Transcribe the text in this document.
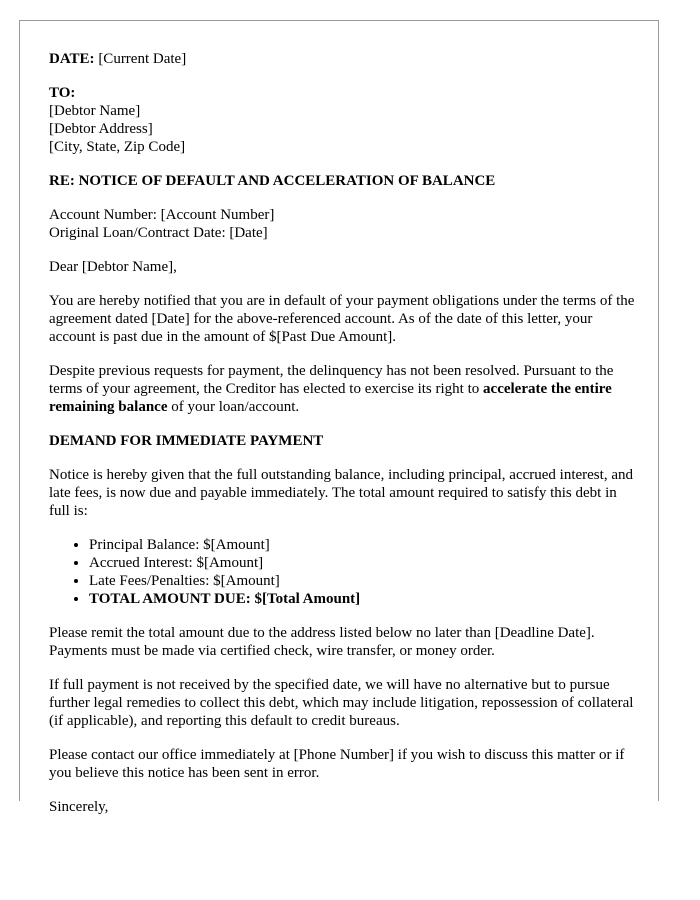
DATE: [Current Date]

TO:
[Debtor Name]
[Debtor Address]
[City, State, Zip Code]

RE: NOTICE OF DEFAULT AND ACCELERATION OF BALANCE

Account Number: [Account Number]
Original Loan/Contract Date: [Date]

Dear [Debtor Name],

You are hereby notified that you are in default of your payment obligations under the terms of the agreement dated [Date] for the above-referenced account. As of the date of this letter, your account is past due in the amount of $[Past Due Amount].

Despite previous requests for payment, the delinquency has not been resolved. Pursuant to the terms of your agreement, the Creditor has elected to exercise its right to accelerate the entire remaining balance of your loan/account.

DEMAND FOR IMMEDIATE PAYMENT

Notice is hereby given that the full outstanding balance, including principal, accrued interest, and late fees, is now due and payable immediately. The total amount required to satisfy this debt in full is:

• Principal Balance: $[Amount]
• Accrued Interest: $[Amount]
• Late Fees/Penalties: $[Amount]
• TOTAL AMOUNT DUE: $[Total Amount]

Please remit the total amount due to the address listed below no later than [Deadline Date]. Payments must be made via certified check, wire transfer, or money order.

If full payment is not received by the specified date, we will have no alternative but to pursue further legal remedies to collect this debt, which may include litigation, repossession of collateral (if applicable), and reporting this default to credit bureaus.

Please contact our office immediately at [Phone Number] if you wish to discuss this matter or if you believe this notice has been sent in error.

Sincerely,
